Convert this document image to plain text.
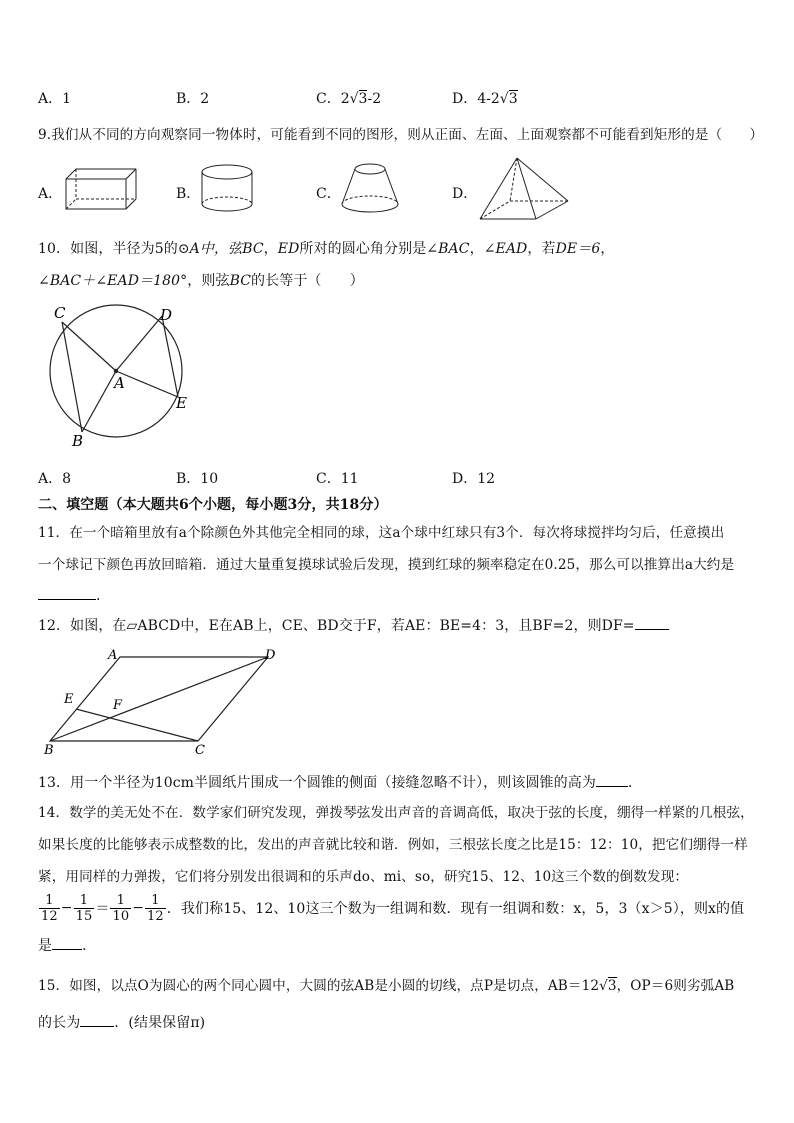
A．1	B．2	C．2√3-2	D．4-2√3
9.我们从不同的方向观察同一物体时，可能看到不同的图形，则从正面、左面、上面观察都不可能看到矩形的是（　　）
A．	B．	C．	D．
10．如图，半径为5的⊙A中，弦BC，ED所对的圆心角分别是∠BAC，∠EAD，若DE＝6，
∠BAC＋∠EAD＝180°，则弦BC的长等于（　　）
C	D
A
E
B
A．8	B．10	C．11	D．12
二、填空题（本大题共6个小题，每小题3分，共18分）
11．在一个暗箱里放有a个除颜色外其他完全相同的球，这a个球中红球只有3个．每次将球搅拌均匀后，任意摸出
一个球记下颜色再放回暗箱．通过大量重复摸球试验后发现，摸到红球的频率稳定在0.25，那么可以推算出a大约是
.
12．如图，在▱ABCD中，E在AB上，CE、BD交于F，若AE：BE=4：3，且BF=2，则DF=
A	D
E	F
B	C
13．用一个半径为10cm半圆纸片围成一个圆锥的侧面（接缝忽略不计），则该圆锥的高为 ．
14．数学的美无处不在．数学家们研究发现，弹拨琴弦发出声音的音调高低，取决于弦的长度，绷得一样紧的几根弦，
如果长度的比能够表示成整数的比，发出的声音就比较和谐．例如，三根弦长度之比是15：12：10，把它们绷得一样
紧，用同样的力弹拨，它们将分别发出很调和的乐声do、mi、so，研究15、12、10这三个数的倒数发现：
$\frac{1}{12} - \frac{1}{15} = \frac{1}{10} - \frac{1}{12}$ ．我们称15、12、10这三个数为一组调和数．现有一组调和数：x，5，3（x＞5），则x的值
是 ．
15．如图，以点O为圆心的两个同心圆中，大圆的弦AB是小圆的切线，点P是切点，AB＝12√3，OP＝6则劣弧AB
的长为 ．(结果保留π)
